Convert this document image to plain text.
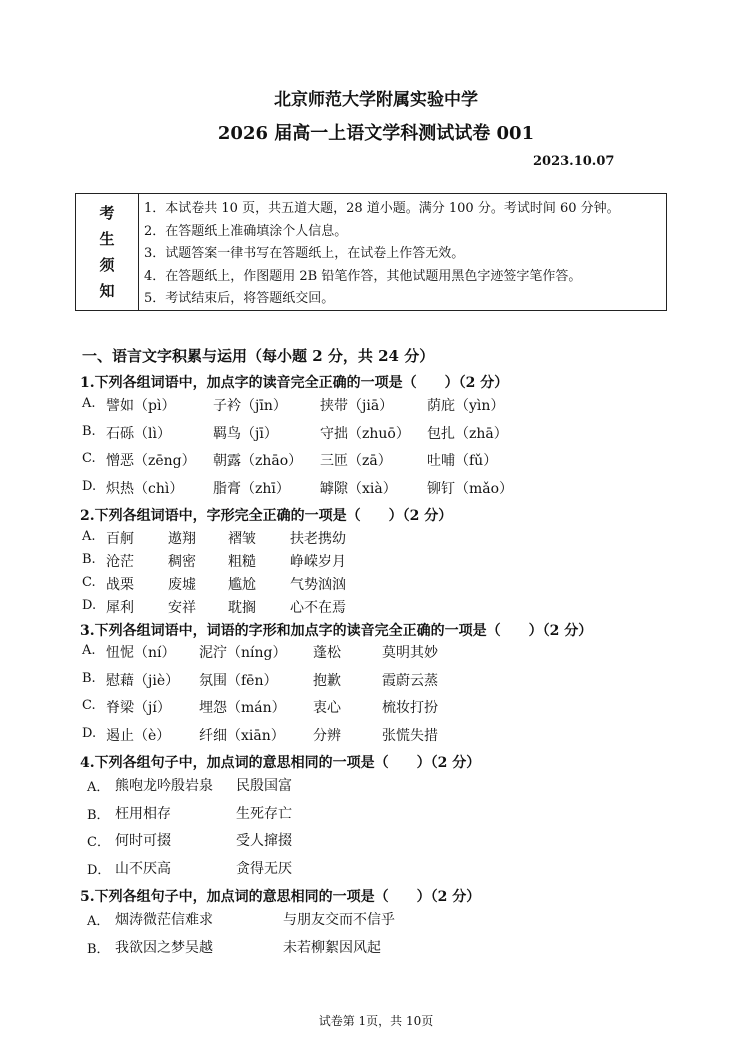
北京师范大学附属实验中学
2026 届高一上语文学科测试试卷 001
2023.10.07
考
生
须
知
1．本试卷共 10 页，共五道大题，28 道小题。满分 100 分。考试时间 60 分钟。
2．在答题纸上准确填涂个人信息。
3．试题答案一律书写在答题纸上，在试卷上作答无效。
4．在答题纸上，作图题用 2B 铅笔作答，其他试题用黑色字迹签字笔作答。
5．考试结束后，将答题纸交回。
一、语言文字积累与运用（每小题 2 分，共 24 分）
1.下列各组词语中，加点字的读音完全正确的一项是（　　）（2 分）
A. 譬如（pì）	子衿（jīn） 挟带（jiā） 荫庇（yìn）
B. 石砾（lì）	羁鸟（jī）	守拙（zhuō） 包扎（zhā）
C. 憎恶（zēng） 朝露（zhāo） 三匝（zā）	吐哺（fǔ）
D. 炽热（chì） 脂膏（zhī） 罅隙（xià） 铆钉（mǎo）
2.下列各组词语中，字形完全正确的一项是（　　）（2 分）
A. 百舸 遨翔 褶皱 扶老携幼
B. 沧茫 稠密 粗糙 峥嵘岁月
C. 战栗 废墟 尴尬 气势汹汹
D. 犀利 安祥 耽搁 心不在焉
3.下列各组词语中，词语的字形和加点字的读音完全正确的一项是（　　）（2 分）
A. 忸怩（ní） 泥泞（níng） 蓬松	莫明其妙
B. 慰藉（jiè） 氛围（fēn）	抱歉	霞蔚云蒸
C. 脊梁（jí） 埋怨（mán） 衷心	梳妆打扮
D. 遏止（è） 纤细（xiān） 分辨	张慌失措
4.下列各组句子中，加点词的意思相同的一项是（　　）（2 分）
A． 熊咆龙吟殷岩泉 民殷国富
B． 枉用相存	生死存亡
C． 何时可掇	受人撺掇
D． 山不厌高	贪得无厌
5.下列各组句子中，加点词的意思相同的一项是（　　）（2 分）
A． 烟涛微茫信难求	与朋友交而不信乎
B． 我欲因之梦吴越	未若柳絮因风起
试卷第 1页，共 10页
